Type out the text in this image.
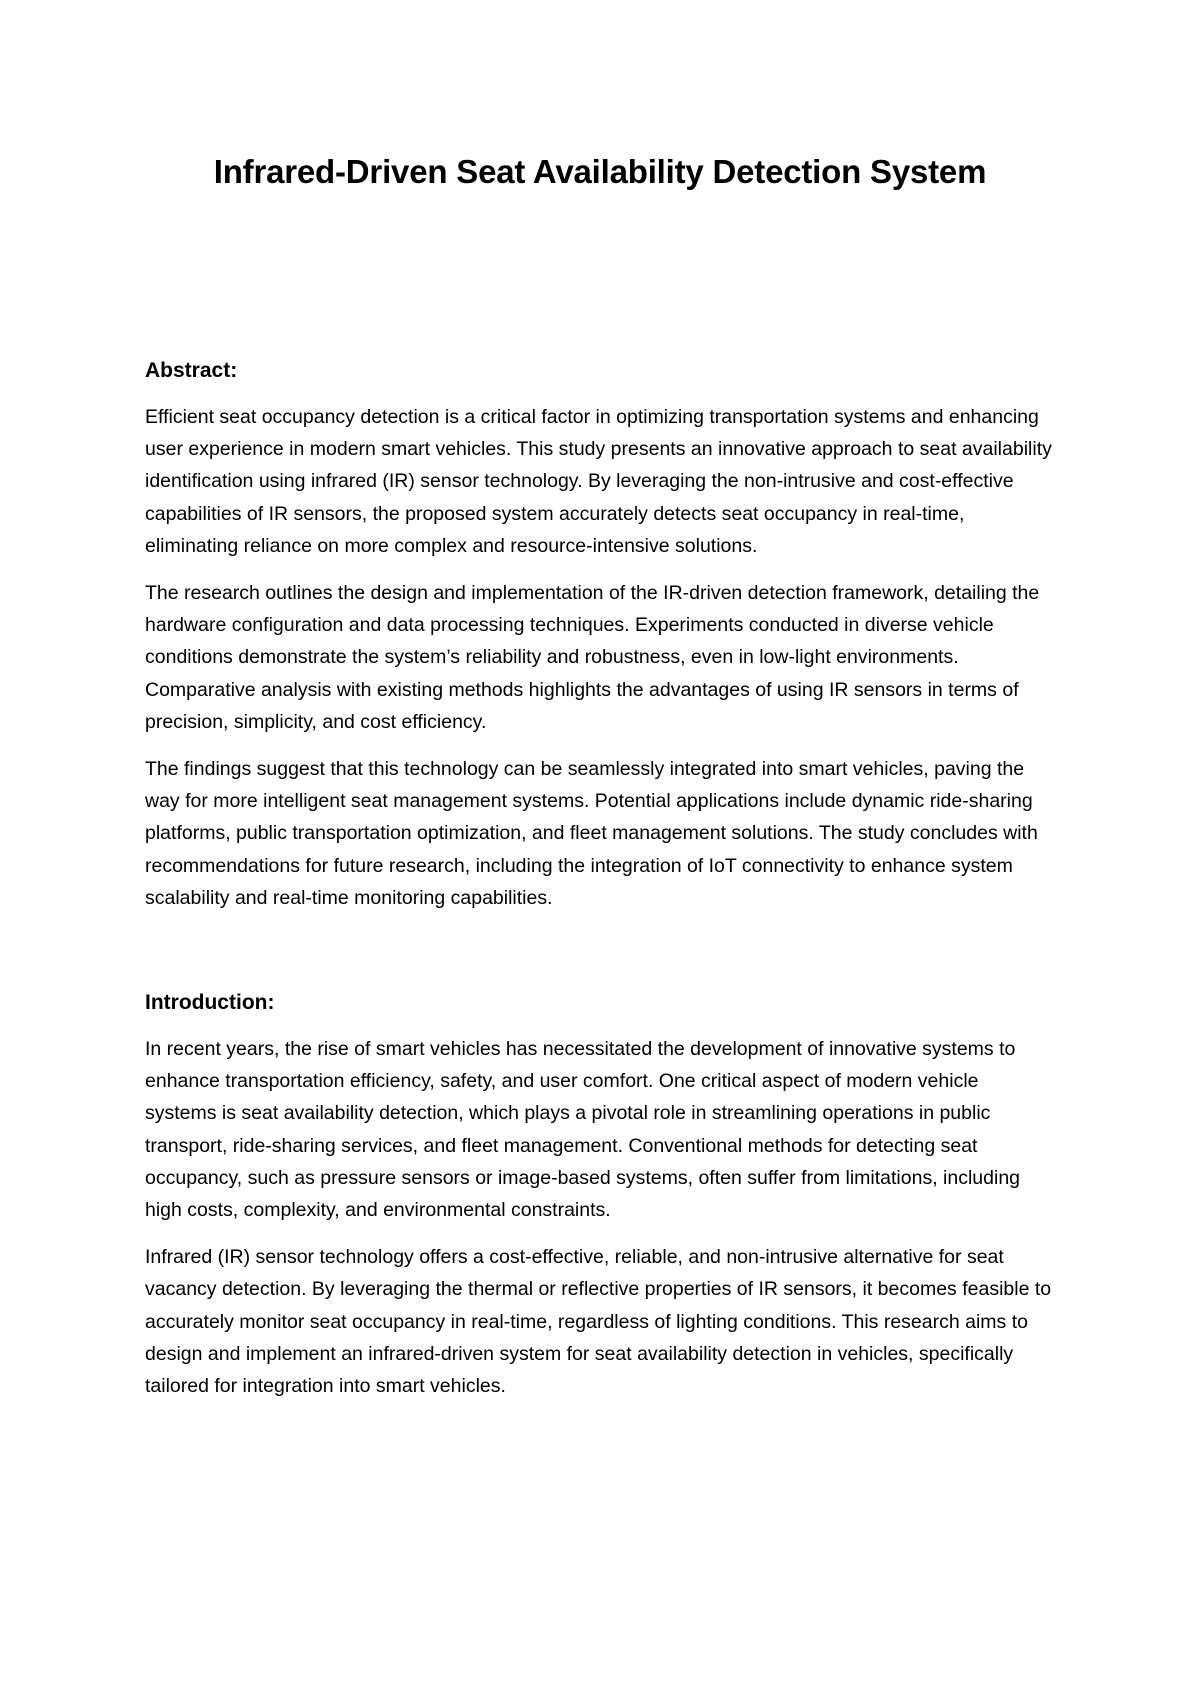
Infrared-Driven Seat Availability Detection System
Abstract:

Efficient seat occupancy detection is a critical factor in optimizing transportation systems and enhancing user experience in modern smart vehicles. This study presents an innovative approach to seat availability identification using infrared (IR) sensor technology. By leveraging the non-intrusive and cost-effective capabilities of IR sensors, the proposed system accurately detects seat occupancy in real-time, eliminating reliance on more complex and resource-intensive solutions.

The research outlines the design and implementation of the IR-driven detection framework, detailing the hardware configuration and data processing techniques. Experiments conducted in diverse vehicle conditions demonstrate the system’s reliability and robustness, even in low-light environments. Comparative analysis with existing methods highlights the advantages of using IR sensors in terms of precision, simplicity, and cost efficiency.

The findings suggest that this technology can be seamlessly integrated into smart vehicles, paving the way for more intelligent seat management systems. Potential applications include dynamic ride-sharing platforms, public transportation optimization, and fleet management solutions. The study concludes with recommendations for future research, including the integration of IoT connectivity to enhance system scalability and real-time monitoring capabilities.

Introduction:

In recent years, the rise of smart vehicles has necessitated the development of innovative systems to enhance transportation efficiency, safety, and user comfort. One critical aspect of modern vehicle systems is seat availability detection, which plays a pivotal role in streamlining operations in public transport, ride-sharing services, and fleet management. Conventional methods for detecting seat occupancy, such as pressure sensors or image-based systems, often suffer from limitations, including high costs, complexity, and environmental constraints.

Infrared (IR) sensor technology offers a cost-effective, reliable, and non-intrusive alternative for seat vacancy detection. By leveraging the thermal or reflective properties of IR sensors, it becomes feasible to accurately monitor seat occupancy in real-time, regardless of lighting conditions. This research aims to design and implement an infrared-driven system for seat availability detection in vehicles, specifically tailored for integration into smart vehicles.
